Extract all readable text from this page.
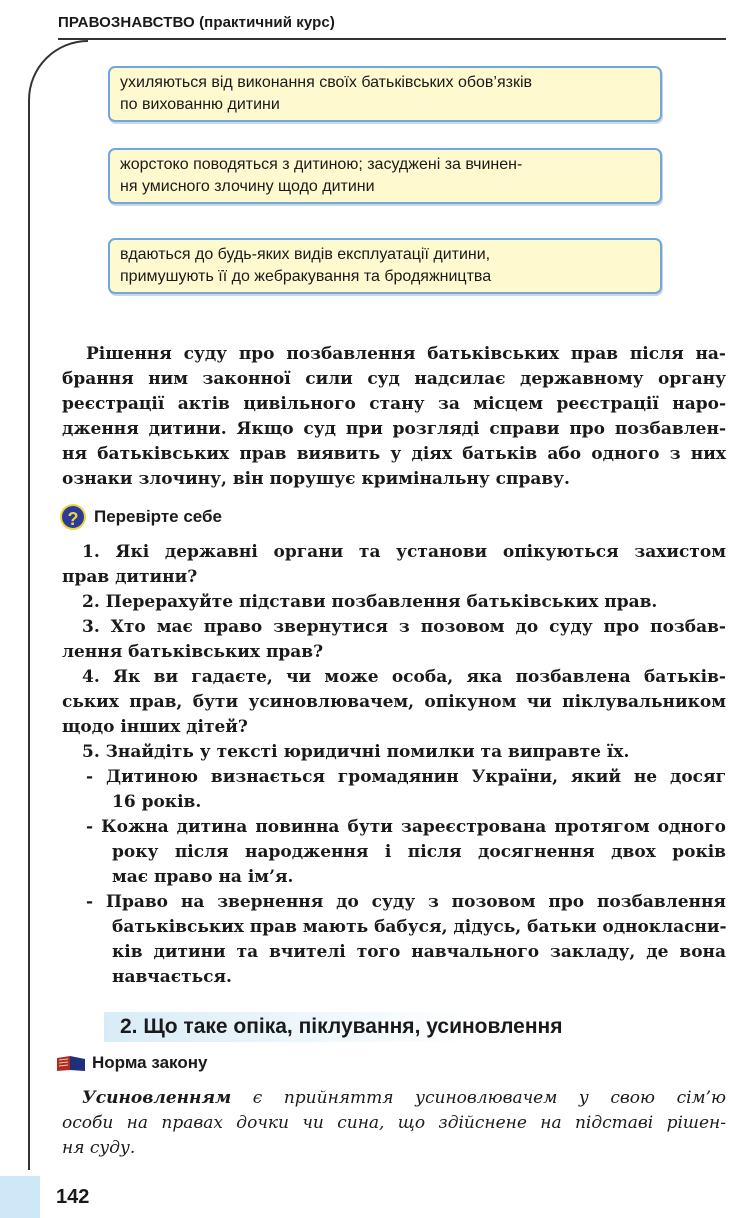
ПРАВОЗНАВСТВО (практичний курс)
ухиляються від виконання своїх батьківських обов’язків
по вихованню дитини
жорстоко поводяться з дитиною; засуджені за вчинен-
ня умисного злочину щодо дитини
вдаються до будь-яких видів експлуатації дитини,
примушують її до жебракування та бродяжництва
Рішення суду про позбавлення батьківських прав після на-
брання ним законної сили суд надсилає державному органу
реєстрації актів цивільного стану за місцем реєстрації наро-
дження дитини. Якщо суд при розгляді справи про позбавлен-
ня батьківських прав виявить у діях батьків або одного з них
ознаки злочину, він порушує кримінальну справу.
? Перевірте себе
1. Які державні органи та установи опікуються захистом
прав дитини?
2. Перерахуйте підстави позбавлення батьківських прав.
3. Хто має право звернутися з позовом до суду про позбав-
лення батьківських прав?
4. Як ви гадаєте, чи може особа, яка позбавлена батьків-
ських прав, бути усиновлювачем, опікуном чи піклувальником
щодо інших дітей?
5. Знайдіть у тексті юридичні помилки та виправте їх.
- Дитиною визнається громадянин України, який не досяг
16 років.
- Кожна дитина повинна бути зареєстрована протягом одного
року після народження і після досягнення двох років
має право на ім’я.
- Право на звернення до суду з позовом про позбавлення
батьківських прав мають бабуся, дідусь, батьки однокласни-
ків дитини та вчителі того навчального закладу, де вона
навчається.
2. Що таке опіка, піклування, усиновлення
Норма закону
Усиновленням є прийняття усиновлювачем у свою сім’ю
особи на правах дочки чи сина, що здійснене на підставі рішен-
ня суду.
142
